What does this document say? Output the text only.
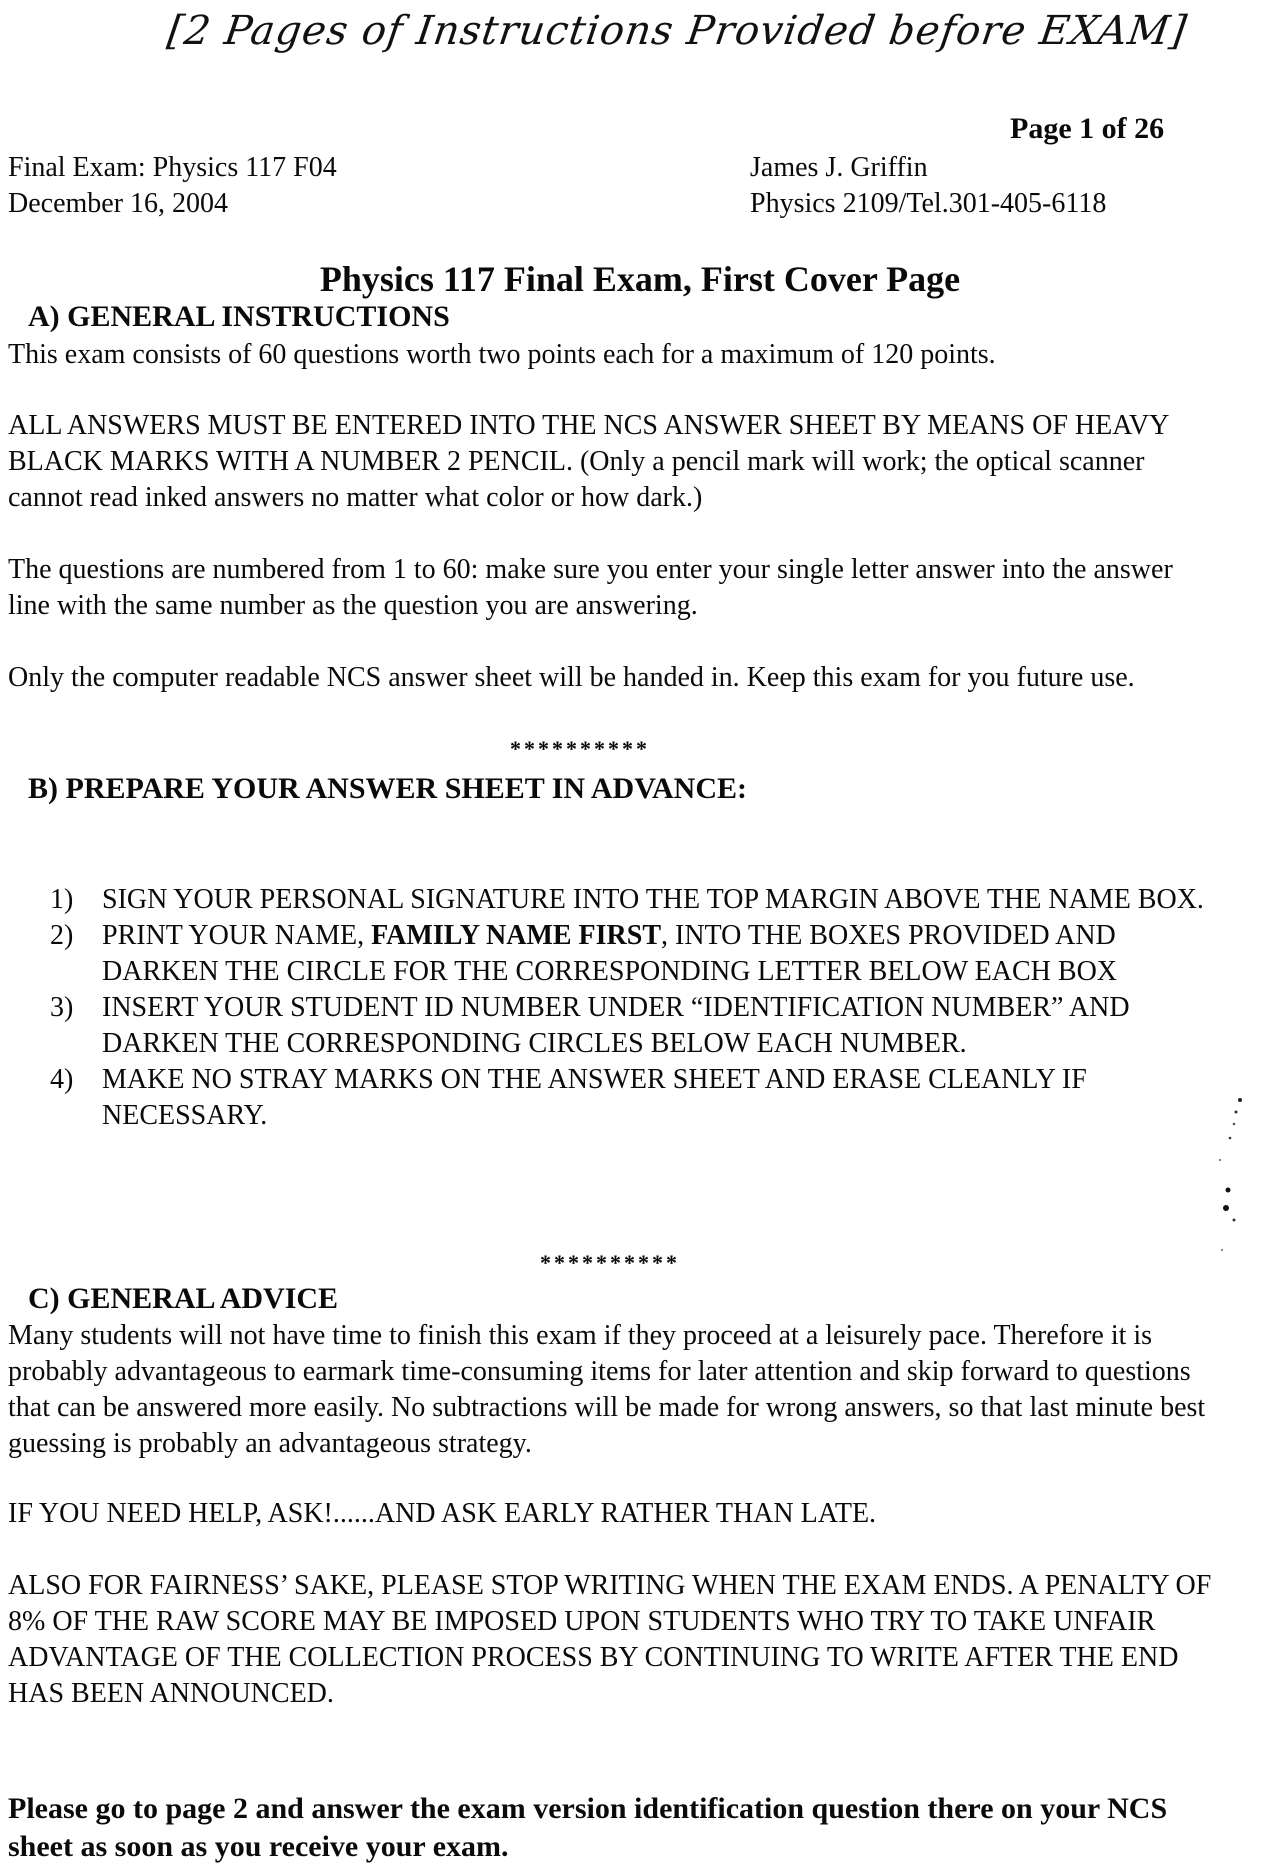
[2 Pages of Instructions Provided before EXAM]
Page 1 of 26
Final Exam: Physics 117 F04
December 16, 2004
James J. Griffin
Physics 2109/Tel.301-405-6118
Physics 117 Final Exam, First Cover Page
A) GENERAL INSTRUCTIONS
This exam consists of 60 questions worth two points each for a maximum of 120 points.
ALL ANSWERS MUST BE ENTERED INTO THE NCS ANSWER SHEET BY MEANS OF HEAVY BLACK MARKS WITH A NUMBER 2 PENCIL. (Only a pencil mark will work; the optical scanner cannot read inked answers no matter what color or how dark.)
The questions are numbered from 1 to 60: make sure you enter your single letter answer into the answer line with the same number as the question you are answering.
Only the computer readable NCS answer sheet will be handed in. Keep this exam for you future use.
**********
B) PREPARE YOUR ANSWER SHEET IN ADVANCE:
1)	SIGN YOUR PERSONAL SIGNATURE INTO THE TOP MARGIN ABOVE THE NAME BOX.
2)	PRINT YOUR NAME, FAMILY NAME FIRST, INTO THE BOXES PROVIDED AND DARKEN THE CIRCLE FOR THE CORRESPONDING LETTER BELOW EACH BOX
3)	INSERT YOUR STUDENT ID NUMBER UNDER “IDENTIFICATION NUMBER” AND DARKEN THE CORRESPONDING CIRCLES BELOW EACH NUMBER.
4)	MAKE NO STRAY MARKS ON THE ANSWER SHEET AND ERASE CLEANLY IF NECESSARY.
**********
C) GENERAL ADVICE
Many students will not have time to finish this exam if they proceed at a leisurely pace. Therefore it is probably advantageous to earmark time-consuming items for later attention and skip forward to questions that can be answered more easily. No subtractions will be made for wrong answers, so that last minute best guessing is probably an advantageous strategy.
IF YOU NEED HELP, ASK!......AND ASK EARLY RATHER THAN LATE.
ALSO FOR FAIRNESS’ SAKE, PLEASE STOP WRITING WHEN THE EXAM ENDS. A PENALTY OF 8% OF THE RAW SCORE MAY BE IMPOSED UPON STUDENTS WHO TRY TO TAKE UNFAIR ADVANTAGE OF THE COLLECTION PROCESS BY CONTINUING TO WRITE AFTER THE END HAS BEEN ANNOUNCED.
Please go to page 2 and answer the exam version identification question there on your NCS sheet as soon as you receive your exam.
